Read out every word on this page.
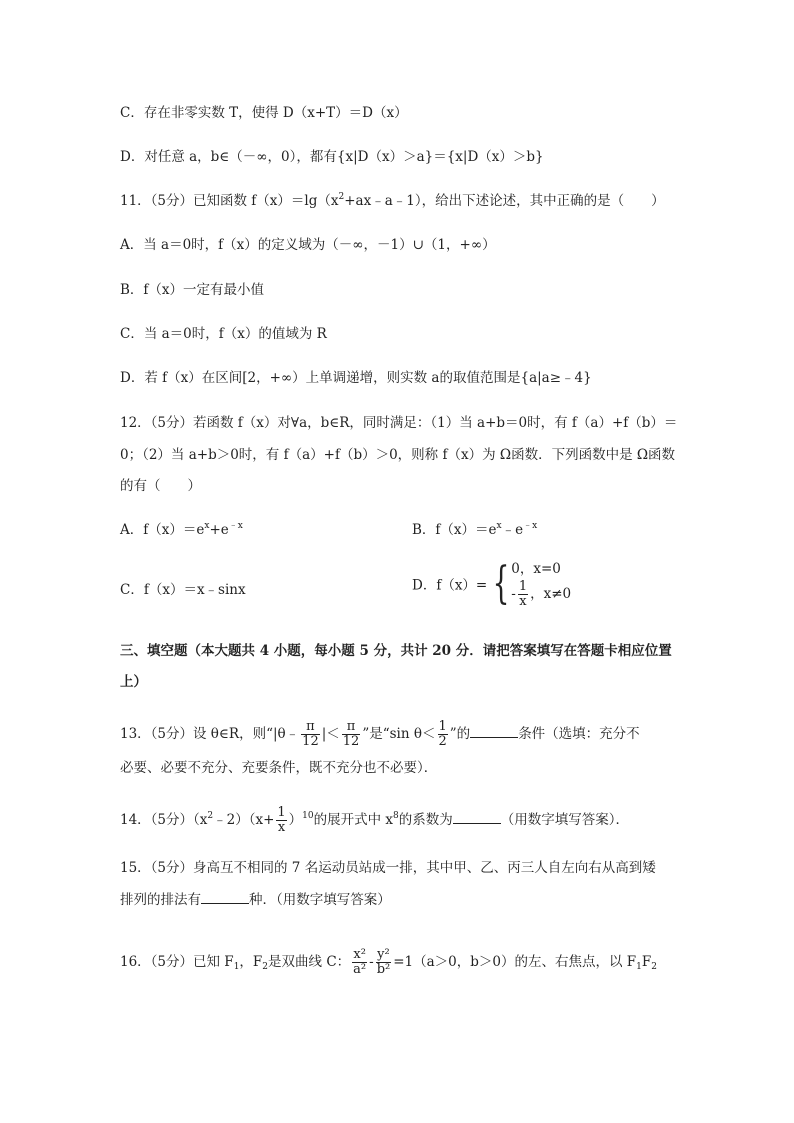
C．存在非零实数 T，使得 D（x+T）＝D（x）
D．对任意 a，b∈（－∞，0），都有{x|D（x）＞a}＝{x|D（x）＞b}
11．（5分）已知函数 $f(x)=\lg(x^2+ax﹣a﹣1)$，给出下述论述，其中正确的是（　　）
A．当 a＝0时，f（x）的定义域为（－∞，－1）∪（1，+∞）
B．f（x）一定有最小值
C．当 a＝0时，f（x）的值域为 R
D．若 f（x）在区间[2，+∞）上单调递增，则实数 a的取值范围是{a|a≥﹣4}
12．（5分）若函数 f（x）对∀a，b∈R，同时满足：（1）当 a+b＝0时，有 f（a）+f（b）＝
0；（2）当 a+b＞0时，有 f（a）+f（b）＞0，则称 f（x）为 Ω函数．下列函数中是 Ω函数
的有（　　）
A．$f(x)=e^x+e^{﹣x}$	B．$f(x)=e^x﹣e^{﹣x}$
C．f（x）＝x﹣sinx	D．f（x）= { 0，x=0
- $\frac{1}{x}$ ，x≠0
三、填空题（本大题共 4 小题，每小题 5 分，共计 20 分．请把答案填写在答题卡相应位置
上）
13．（5分）设 θ∈R，则“|θ﹣ $\frac{\pi}{12}$ |＜ $\frac{\pi}{12}$ ”是“sin $\theta< \frac{1}{2}$ ”的	条件（选填：充分不
必要、必要不充分、充要条件，既不充分也不必要）．
14．（5分）$(x^2﹣2)(x+ \frac{1}{x} )^{10}$的展开式中 $x^8$的系数为	（用数字填写答案）．
15．（5分）身高互不相同的 7 名运动员站成一排，其中甲、乙、丙三人自左向右从高到矮
排列的排法有	种．（用数字填写答案）
16．（5分）已知 $F_1$，$F_2$是双曲线 C： $\frac{\text{x²}}{\text{a²}} - \frac{\text{y²}}{\text{b²}} =1(a>0$，b＞0）的左、右焦点，以 $F_1F_2$
